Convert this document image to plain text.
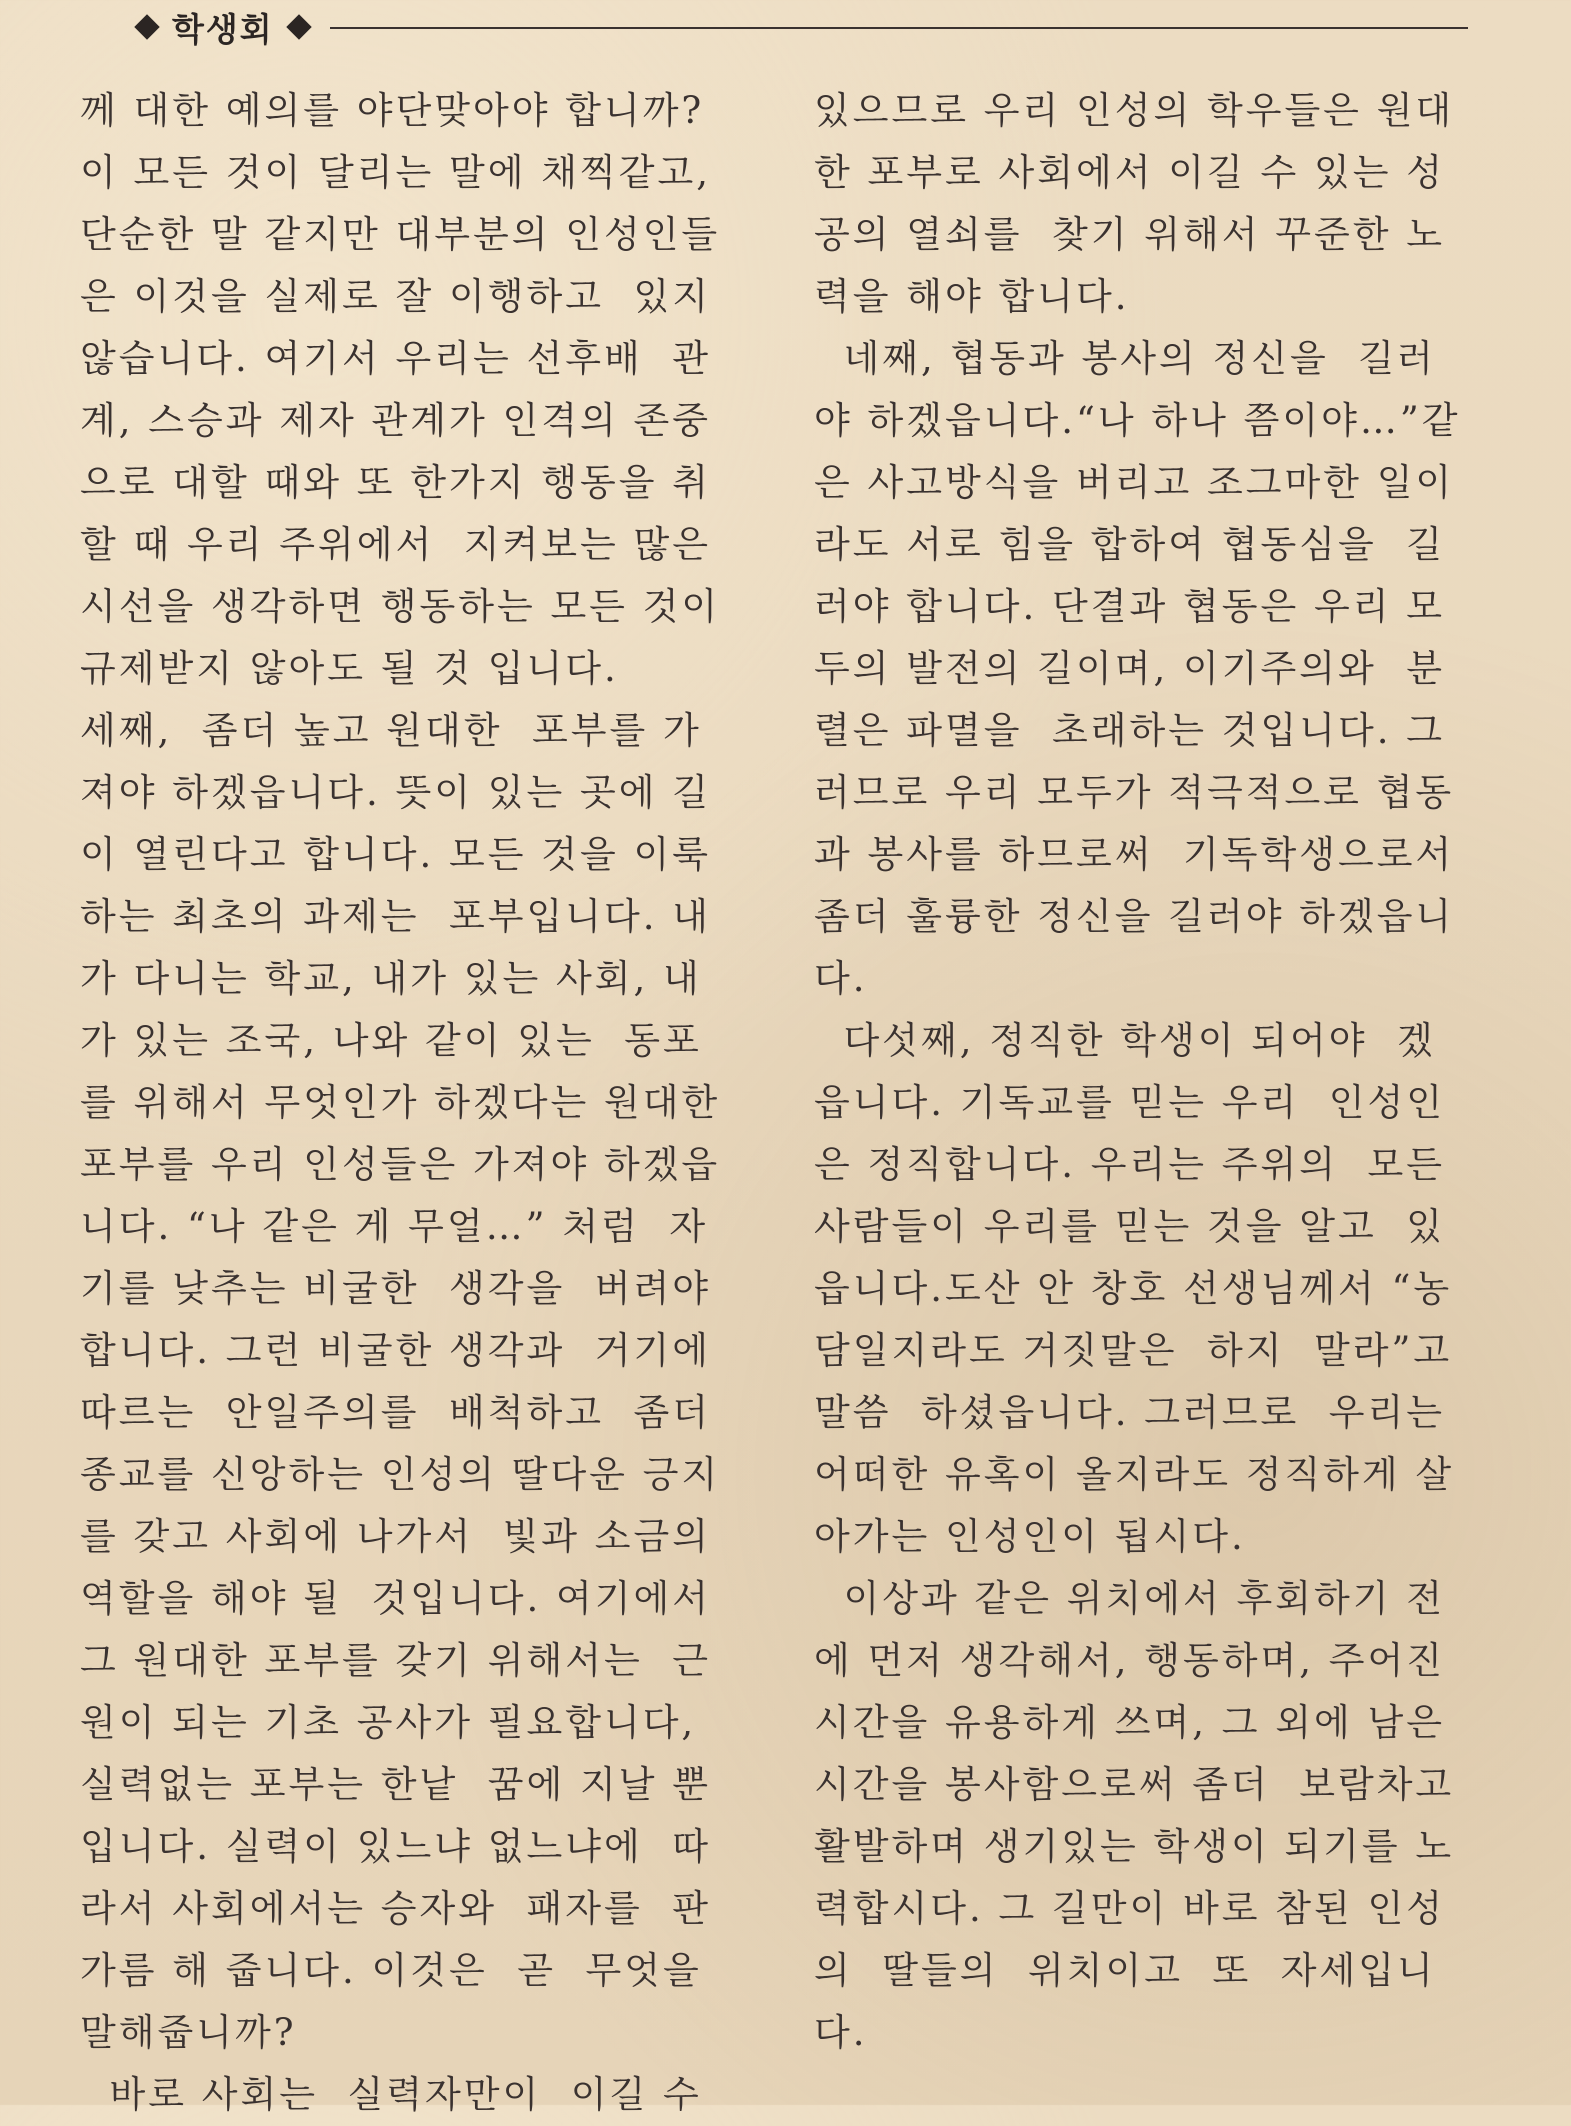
학생회
께 대한 예의를 야단맞아야 합니까?
이 모든 것이 달리는 말에 채찍같고,
단순한 말 같지만 대부분의 인성인들
은 이것을 실제로 잘 이행하고  있지
않습니다. 여기서 우리는 선후배  관
계, 스승과 제자 관계가 인격의 존중
으로 대할 때와 또 한가지 행동을 취
할 때 우리 주위에서  지켜보는 많은
시선을 생각하면 행동하는 모든 것이
규제받지 않아도 될 것 입니다.
세째,  좀더 높고 원대한  포부를 가
져야 하겠읍니다. 뜻이 있는 곳에 길
이 열린다고 합니다. 모든 것을 이룩
하는 최초의 과제는  포부입니다. 내
가 다니는 학교, 내가 있는 사회, 내
가 있는 조국, 나와 같이 있는  동포
를 위해서 무엇인가 하겠다는 원대한
포부를 우리 인성들은 가져야 하겠읍
니다. “나 같은 게 무얼…” 처럼  자
기를 낮추는 비굴한  생각을  버려야
합니다. 그런 비굴한 생각과  거기에
따르는  안일주의를  배척하고  좀더
종교를 신앙하는 인성의 딸다운 긍지
를 갖고 사회에 나가서  빛과 소금의
역할을 해야 될  것입니다. 여기에서
그 원대한 포부를 갖기 위해서는  근
원이 되는 기초 공사가 필요합니다,
실력없는 포부는 한낱  꿈에 지날 뿐
입니다. 실력이 있느냐 없느냐에  따
라서 사회에서는 승자와  패자를  판
가름 해 줍니다. 이것은  곧  무엇을
말해줍니까?
바로 사회는  실력자만이  이길 수
있으므로 우리 인성의 학우들은 원대
한 포부로 사회에서 이길 수 있는 성
공의 열쇠를  찾기 위해서 꾸준한 노
력을 해야 합니다.
네째, 협동과 봉사의 정신을  길러
야 하겠읍니다.“나 하나 쯤이야…”같
은 사고방식을 버리고 조그마한 일이
라도 서로 힘을 합하여 협동심을  길
러야 합니다. 단결과 협동은 우리 모
두의 발전의 길이며, 이기주의와  분
렬은 파멸을  초래하는 것입니다. 그
러므로 우리 모두가 적극적으로 협동
과 봉사를 하므로써  기독학생으로서
좀더 훌륭한 정신을 길러야 하겠읍니
다.
다섯째, 정직한 학생이 되어야  겠
읍니다. 기독교를 믿는 우리  인성인
은 정직합니다. 우리는 주위의  모든
사람들이 우리를 믿는 것을 알고  있
읍니다.도산 안 창호 선생님께서 “농
담일지라도 거짓말은  하지  말라”고
말씀  하셨읍니다. 그러므로  우리는
어떠한 유혹이 올지라도 정직하게 살
아가는 인성인이 됩시다.
이상과 같은 위치에서 후회하기 전
에 먼저 생각해서, 행동하며, 주어진
시간을 유용하게 쓰며, 그 외에 남은
시간을 봉사함으로써 좀더  보람차고
활발하며 생기있는 학생이 되기를 노
력합시다. 그 길만이 바로 참된 인성
의  딸들의  위치이고  또  자세입니
다.
